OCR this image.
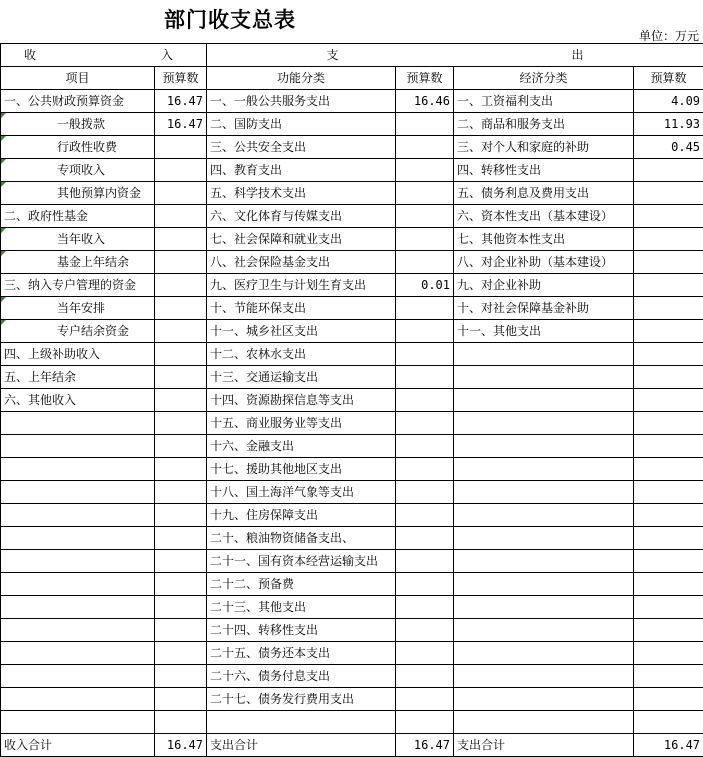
部门收支总表
单位：万元
收 入		支 出			

项目	预算数	功能分类	预算数	经济分类	预算数
一、公共财政预算资金	16.47	一、一般公共服务支出	16.46	一、工资福利支出	4.09
一般拨款	16.47	二、国防支出		二、商品和服务支出	11.93
行政性收费		三、公共安全支出		三、对个人和家庭的补助	0.45
专项收入		四、教育支出		四、转移性支出	
其他预算内资金		五、科学技术支出		五、债务利息及费用支出	
二、政府性基金		六、文化体育与传媒支出		六、资本性支出（基本建设）	
当年收入		七、社会保障和就业支出		七、其他资本性支出	
基金上年结余		八、社会保险基金支出		八、对企业补助（基本建设）	
三、纳入专户管理的资金		九、医疗卫生与计划生育支出	0.01	九、对企业补助	
当年安排		十、节能环保支出		十、对社会保障基金补助	
专户结余资金		十一、城乡社区支出		十一、其他支出	
四、上级补助收入		十二、农林水支出			
五、上年结余		十三、交通运输支出			
六、其他收入		十四、资源勘探信息等支出			
		十五、商业服务业等支出			
		十六、金融支出			
		十七、援助其他地区支出			
		十八、国土海洋气象等支出			
		十九、住房保障支出			
		二十、粮油物资储备支出、			
		二十一、国有资本经营运输支出			
		二十二、预备费			
		二十三、其他支出			
		二十四、转移性支出			
		二十五、债务还本支出			
		二十六、债务付息支出			
		二十七、债务发行费用支出			

收入合计	16.47	支出合计	16.47	支出合计	16.47
